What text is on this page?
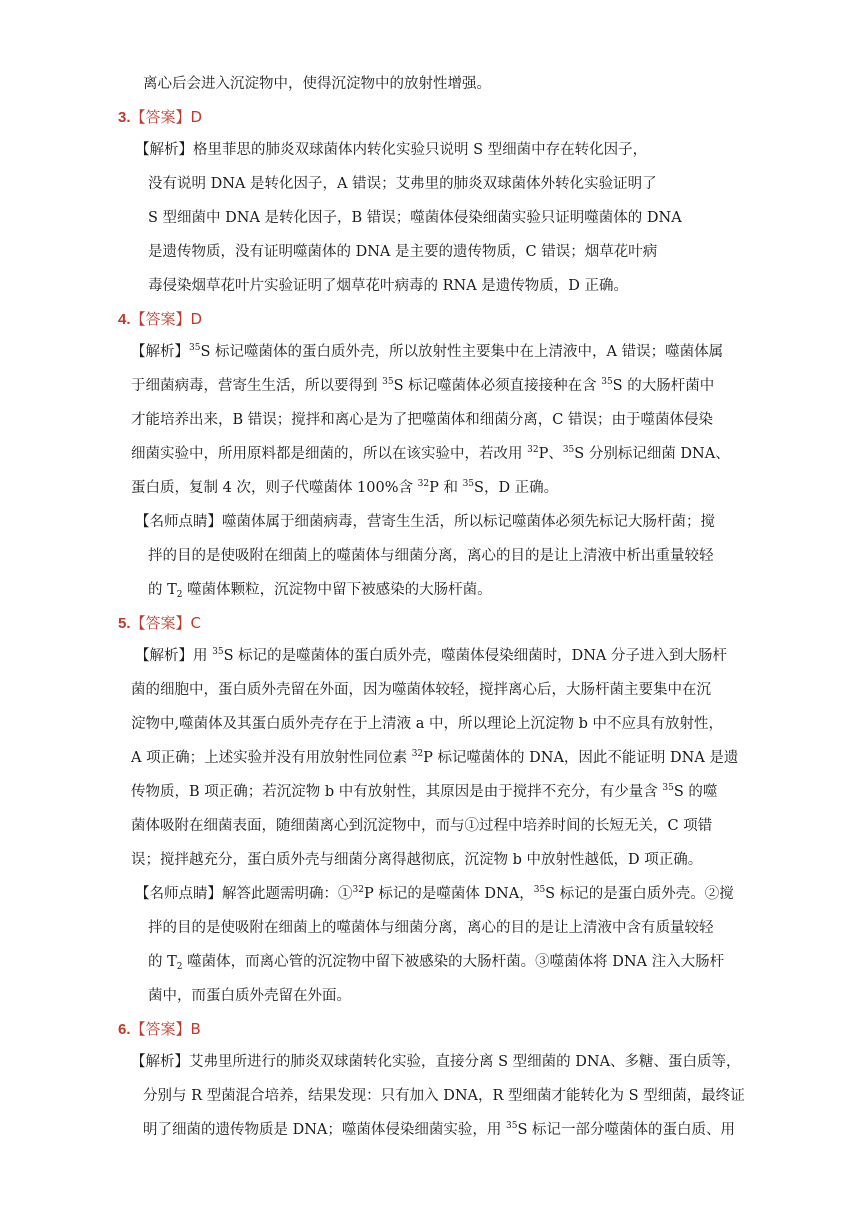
离心后会进入沉淀物中，使得沉淀物中的放射性增强。
3.【答案】D
【解析】格里菲思的肺炎双球菌体内转化实验只说明 S 型细菌中存在转化因子，
没有说明 DNA 是转化因子，A 错误；艾弗里的肺炎双球菌体外转化实验证明了
S 型细菌中 DNA 是转化因子，B 错误；噬菌体侵染细菌实验只证明噬菌体的 DNA
是遗传物质，没有证明噬菌体的 DNA 是主要的遗传物质，C 错误；烟草花叶病
毒侵染烟草花叶片实验证明了烟草花叶病毒的 RNA 是遗传物质，D 正确。
4.【答案】D
【解析】$^{35}$S 标记噬菌体的蛋白质外壳，所以放射性主要集中在上清液中，A 错误；噬菌体属
于细菌病毒，营寄生生活，所以要得到 $^{35}$S 标记噬菌体必须直接接种在含 $^{35}$S 的大肠杆菌中
才能培养出来，B 错误；搅拌和离心是为了把噬菌体和细菌分离，C 错误；由于噬菌体侵染
细菌实验中，所用原料都是细菌的，所以在该实验中，若改用 $^{32}$P、$^{35}$S 分别标记细菌 DNA、
蛋白质，复制 4 次，则子代噬菌体 100%含 $^{32}$P 和 $^{35}$S，D 正确。
【名师点睛】噬菌体属于细菌病毒，营寄生生活，所以标记噬菌体必须先标记大肠杆菌；搅
拌的目的是使吸附在细菌上的噬菌体与细菌分离，离心的目的是让上清液中析出重量较轻
的 $T_2$ 噬菌体颗粒，沉淀物中留下被感染的大肠杆菌。
5.【答案】C
【解析】用 $^{35}$S 标记的是噬菌体的蛋白质外壳，噬菌体侵染细菌时，DNA 分子进入到大肠杆
菌的细胞中，蛋白质外壳留在外面，因为噬菌体较轻，搅拌离心后，大肠杆菌主要集中在沉
淀物中,噬菌体及其蛋白质外壳存在于上清液 a 中，所以理论上沉淀物 b 中不应具有放射性，
A 项正确；上述实验并没有用放射性同位素 $^{32}$P 标记噬菌体的 DNA，因此不能证明 DNA 是遗
传物质，B 项正确；若沉淀物 b 中有放射性，其原因是由于搅拌不充分，有少量含 $^{35}$S 的噬
菌体吸附在细菌表面，随细菌离心到沉淀物中，而与①过程中培养时间的长短无关，C 项错
误；搅拌越充分，蛋白质外壳与细菌分离得越彻底，沉淀物 b 中放射性越低，D 项正确。
【名师点睛】解答此题需明确：①$^{32}$P 标记的是噬菌体 DNA，$^{35}$S 标记的是蛋白质外壳。②搅
拌的目的是使吸附在细菌上的噬菌体与细菌分离，离心的目的是让上清液中含有质量较轻
的 $T_2$ 噬菌体，而离心管的沉淀物中留下被感染的大肠杆菌。③噬菌体将 DNA 注入大肠杆
菌中，而蛋白质外壳留在外面。
6.【答案】B
【解析】艾弗里所进行的肺炎双球菌转化实验，直接分离 S 型细菌的 DNA、多糖、蛋白质等，
分别与 R 型菌混合培养，结果发现：只有加入 DNA，R 型细菌才能转化为 S 型细菌，最终证
明了细菌的遗传物质是 DNA；噬菌体侵染细菌实验，用 $^{35}$S 标记一部分噬菌体的蛋白质、用
